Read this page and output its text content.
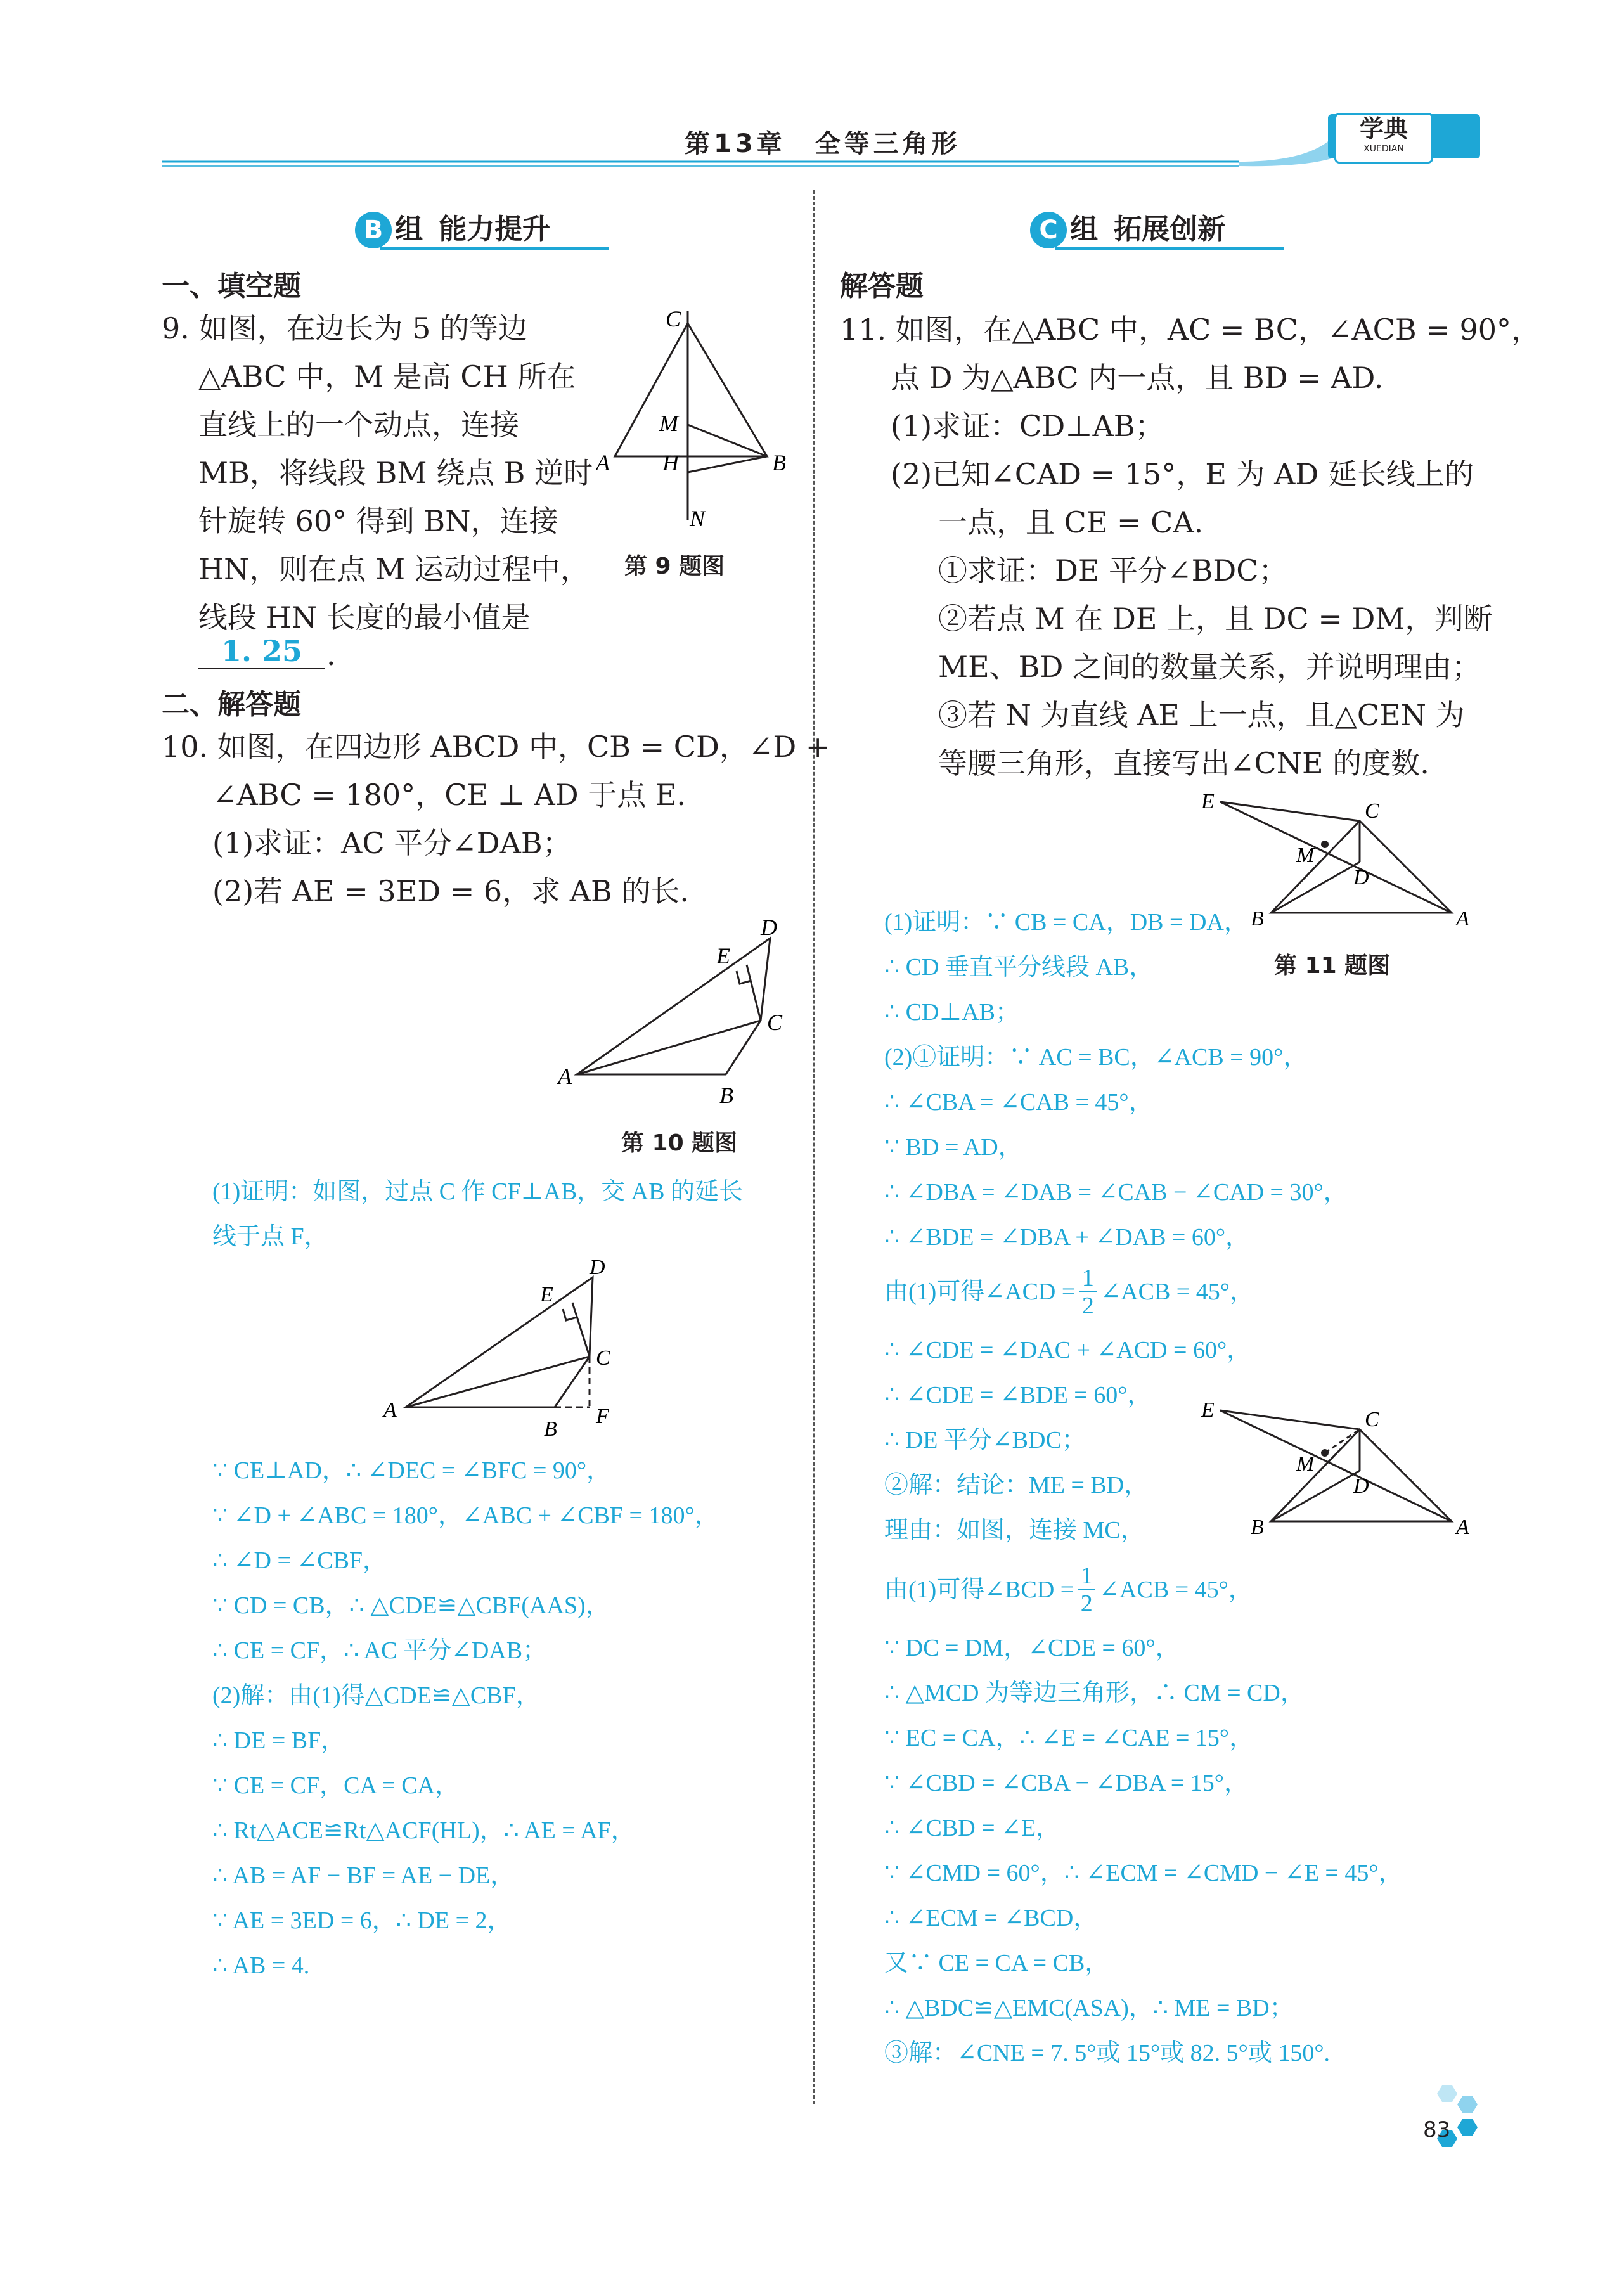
第13章　全等三角形
学典
XUEDIAN
B 组 能力提升
一、填空题
9. 如图，在边长为 5 的等边
△ABC 中，M 是高 CH 所在
直线上的一个动点，连接
MB，将线段 BM 绕点 B 逆时
针旋转 60° 得到 BN，连接
HN，则在点 M 运动过程中，
线段 HN 长度的最小值是
1. 25 .
C
M
A H	B
N
第 9 题图
二、解答题
10. 如图，在四边形 ABCD 中，CB = CD，∠D +
∠ABC = 180°，CE ⊥ AD 于点 E.
(1)求证：AC 平分∠DAB；
(2)若 AE = 3ED = 6，求 AB 的长.
D
E
C
A
B
第 10 题图
(1)证明：如图，过点 C 作 CF⊥AB，交 AB 的延长
线于点 F，
D
E
C
A
B
F
∵ CE⊥AD，∴ ∠DEC = ∠BFC = 90°，
∵ ∠D + ∠ABC = 180°，∠ABC + ∠CBF = 180°，
∴ ∠D = ∠CBF，
∵ CD = CB，∴ △CDE≌△CBF(AAS)，
∴ CE = CF，∴ AC 平分∠DAB；
(2)解：由(1)得△CDE≌△CBF，
∴ DE = BF，
∵ CE = CF，CA = CA，
∴ Rt△ACE≌Rt△ACF(HL)，∴ AE = AF，
∴ AB = AF − BF = AE − DE，
∵ AE = 3ED = 6，∴ DE = 2，
∴ AB = 4.
C 组 拓展创新
解答题
11. 如图，在△ABC 中，AC = BC，∠ACB = 90°，
点 D 为△ABC 内一点，且 BD = AD.
(1)求证：CD⊥AB；
(2)已知∠CAD = 15°，E 为 AD 延长线上的
一点，且 CE = CA.
①求证：DE 平分∠BDC；
②若点 M 在 DE 上，且 DC = DM，判断
ME、BD 之间的数量关系，并说明理由；
③若 N 为直线 AE 上一点，且△CEN 为
等腰三角形，直接写出∠CNE 的度数.
E	C
M
D
B	A
第 11 题图
(1)证明：∵ CB = CA，DB = DA，
∴ CD 垂直平分线段 AB，
∴ CD⊥AB；
(2)①证明：∵ AC = BC，∠ACB = 90°，
∴ ∠CBA = ∠CAB = 45°，
∵ BD = AD，
∴ ∠DBA = ∠DAB = ∠CAB − ∠CAD = 30°，
∴ ∠BDE = ∠DBA + ∠DAB = 60°，
由(1)可得∠ACD = $\frac{1}{2}$ ∠ACB = 45°，
∴ ∠CDE = ∠DAC + ∠ACD = 60°，
∴ ∠CDE = ∠BDE = 60°，
∴ DE 平分∠BDC；
②解：结论：ME = BD，
理由：如图，连接 MC，
E	C
M
D
B	A
由(1)可得∠BCD = $\frac{1}{2}$ ∠ACB = 45°，
∵ DC = DM，∠CDE = 60°，
∴ △MCD 为等边三角形，∴ CM = CD，
∵ EC = CA，∴ ∠E = ∠CAE = 15°，
∵ ∠CBD = ∠CBA − ∠DBA = 15°，
∴ ∠CBD = ∠E，
∵ ∠CMD = 60°，∴ ∠ECM = ∠CMD − ∠E = 45°，
∴ ∠ECM = ∠BCD，
又∵ CE = CA = CB，
∴ △BDC≌△EMC(ASA)，∴ ME = BD；
③解：∠CNE = 7. 5°或 15°或 82. 5°或 150°.
83
